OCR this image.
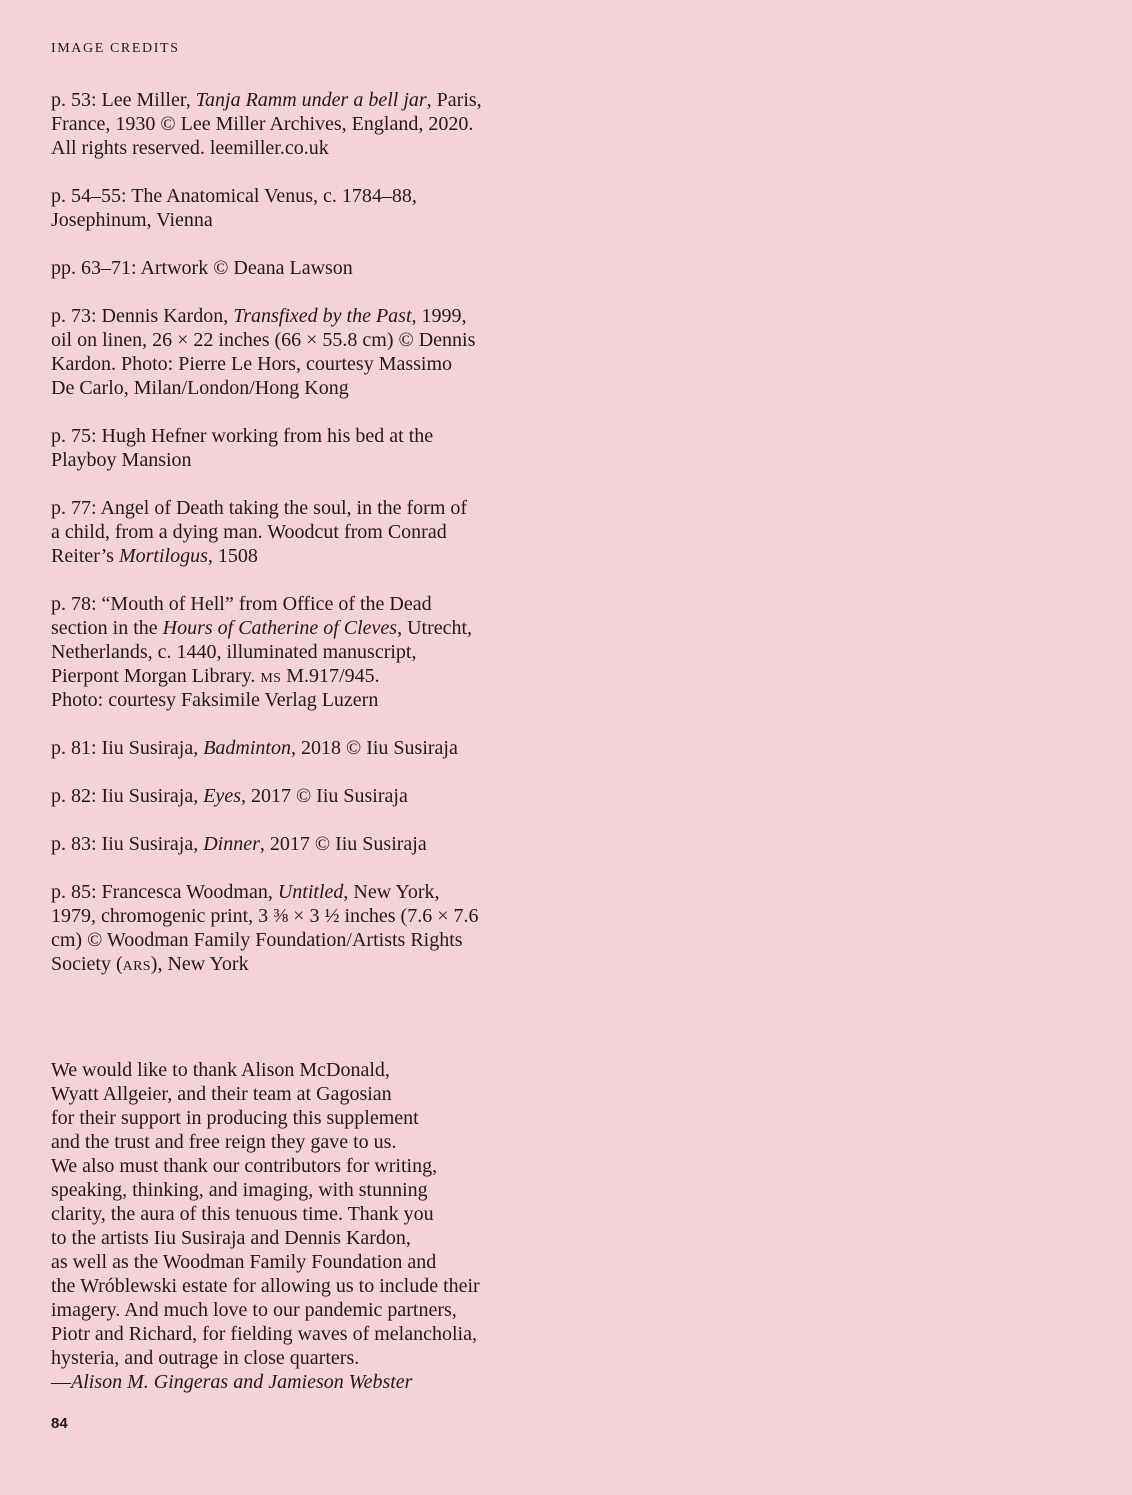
IMAGE CREDITS
p. 53: Lee Miller, Tanja Ramm under a bell jar, Paris,
France, 1930 © Lee Miller Archives, England, 2020.
All rights reserved. leemiller.co.uk
p. 54–55: The Anatomical Venus, c. 1784–88,
Josephinum, Vienna
pp. 63–71: Artwork © Deana Lawson
p. 73: Dennis Kardon, Transfixed by the Past, 1999,
oil on linen, 26 × 22 inches (66 × 55.8 cm) © Dennis
Kardon. Photo: Pierre Le Hors, courtesy Massimo
De Carlo, Milan/London/Hong Kong
p. 75: Hugh Hefner working from his bed at the
Playboy Mansion
p. 77: Angel of Death taking the soul, in the form of
a child, from a dying man. Woodcut from Conrad
Reiter’s Mortilogus, 1508
p. 78: “Mouth of Hell” from Office of the Dead
section in the Hours of Catherine of Cleves, Utrecht,
Netherlands, c. 1440, illuminated manuscript,
Pierpont Morgan Library. ms M.917/945.
Photo: courtesy Faksimile Verlag Luzern
p. 81: Iiu Susiraja, Badminton, 2018 © Iiu Susiraja
p. 82: Iiu Susiraja, Eyes, 2017 © Iiu Susiraja
p. 83: Iiu Susiraja, Dinner, 2017 © Iiu Susiraja
p. 85: Francesca Woodman, Untitled, New York,
1979, chromogenic print, 3 ⅜ × 3 ½ inches (7.6 × 7.6
cm) © Woodman Family Foundation/Artists Rights
Society (ars), New York
We would like to thank Alison McDonald,
Wyatt Allgeier, and their team at Gagosian
for their support in producing this supplement
and the trust and free reign they gave to us.
We also must thank our contributors for writing,
speaking, thinking, and imaging, with stunning
clarity, the aura of this tenuous time. Thank you
to the artists Iiu Susiraja and Dennis Kardon,
as well as the Woodman Family Foundation and
the Wróblewski estate for allowing us to include their
imagery. And much love to our pandemic partners,
Piotr and Richard, for fielding waves of melancholia,
hysteria, and outrage in close quarters.
—Alison M. Gingeras and Jamieson Webster
84
